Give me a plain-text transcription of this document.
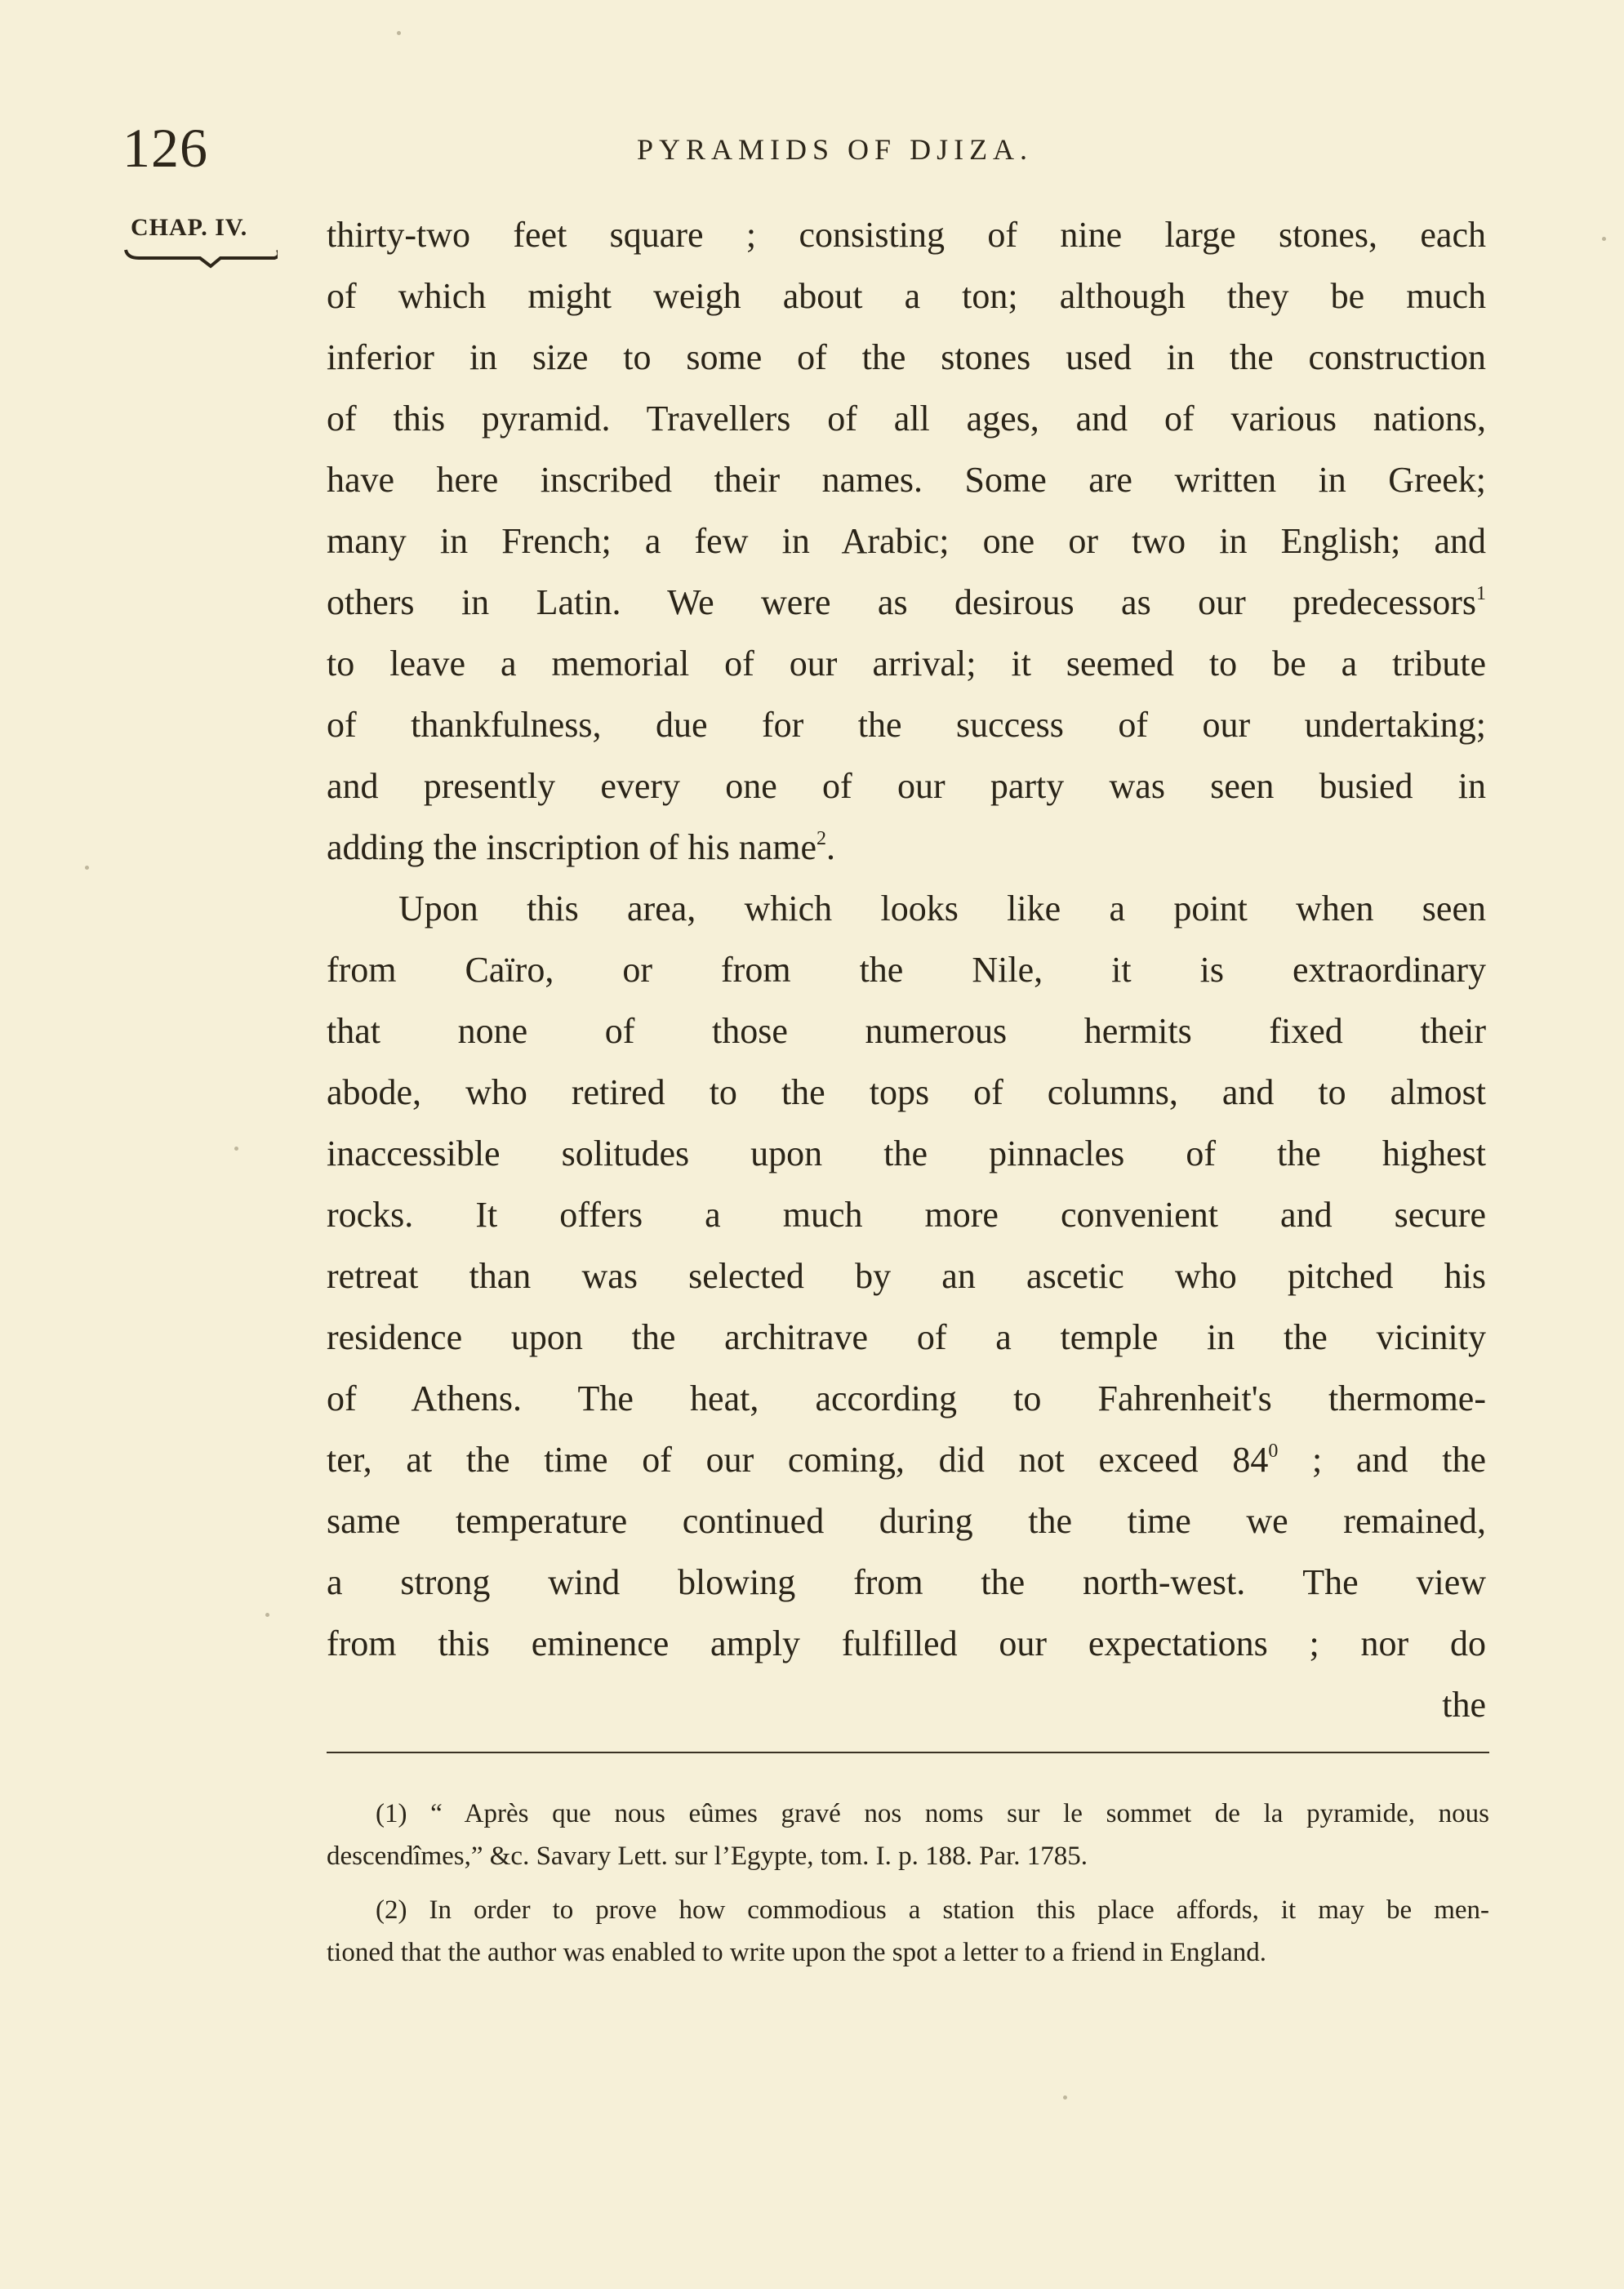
126	PYRAMIDS OF DJIZA.
CHAP. IV. thirty-two feet square ; consisting of nine large stones, each
of which might weigh about a ton; although they be much
inferior in size to some of the stones used in the construction
of this pyramid. Travellers of all ages, and of various nations,
have here inscribed their names. Some are written in Greek;
many in French; a few in Arabic; one or two in English; and
others in Latin. We were as desirous as our predecessors$^1$
to leave a memorial of our arrival; it seemed to be a tribute
of thankfulness, due for the success of our undertaking;
and presently every one of our party was seen busied in
adding the inscription of his name$^2$.
Upon this area, which looks like a point when seen
from Caïro, or from the Nile, it is extraordinary
that none of those numerous hermits fixed their
abode, who retired to the tops of columns, and to almost
inaccessible solitudes upon the pinnacles of the highest
rocks. It offers a much more convenient and secure
retreat than was selected by an ascetic who pitched his
residence upon the architrave of a temple in the vicinity
of Athens. The heat, according to Fahrenheit's thermome-
ter, at the time of our coming, did not exceed $84^0$ ; and the
same temperature continued during the time we remained,
a strong wind blowing from the north-west. The view
from this eminence amply fulfilled our expectations ; nor do
the
(1) “ Après que nous eûmes gravé nos noms sur le sommet de la pyramide, nous
descendîmes,” &c. Savary Lett. sur l’Egypte, tom. I. p. 188. Par. 1785.
(2) In order to prove how commodious a station this place affords, it may be men-
tioned that the author was enabled to write upon the spot a letter to a friend in England.
